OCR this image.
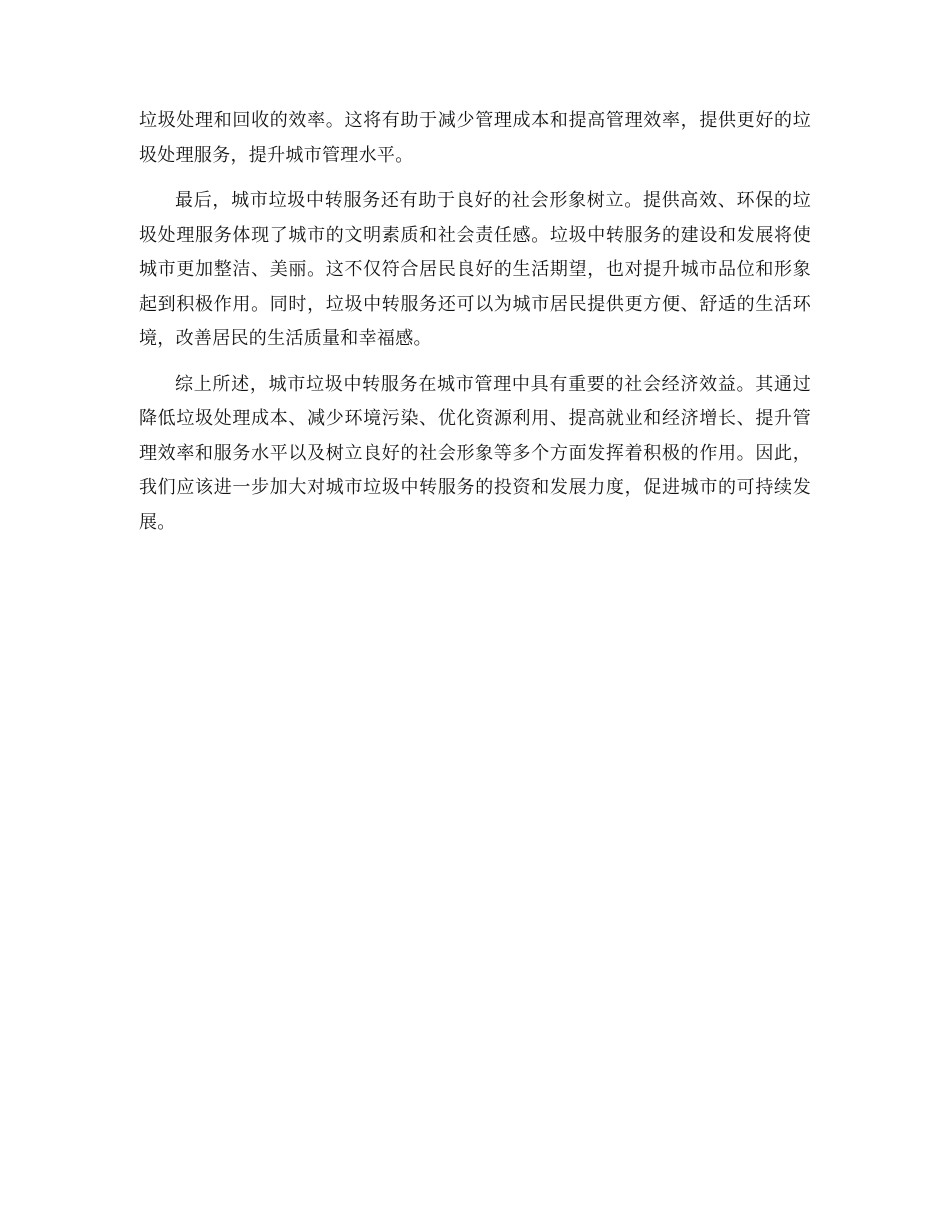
垃圾处理和回收的效率。这将有助于减少管理成本和提高管理效率，提供更好的垃圾处理服务，提升城市管理水平。

最后，城市垃圾中转服务还有助于良好的社会形象树立。提供高效、环保的垃圾处理服务体现了城市的文明素质和社会责任感。垃圾中转服务的建设和发展将使城市更加整洁、美丽。这不仅符合居民良好的生活期望，也对提升城市品位和形象起到积极作用。同时，垃圾中转服务还可以为城市居民提供更方便、舒适的生活环境，改善居民的生活质量和幸福感。

综上所述，城市垃圾中转服务在城市管理中具有重要的社会经济效益。其通过降低垃圾处理成本、减少环境污染、优化资源利用、提高就业和经济增长、提升管理效率和服务水平以及树立良好的社会形象等多个方面发挥着积极的作用。因此，我们应该进一步加大对城市垃圾中转服务的投资和发展力度，促进城市的可持续发展。
